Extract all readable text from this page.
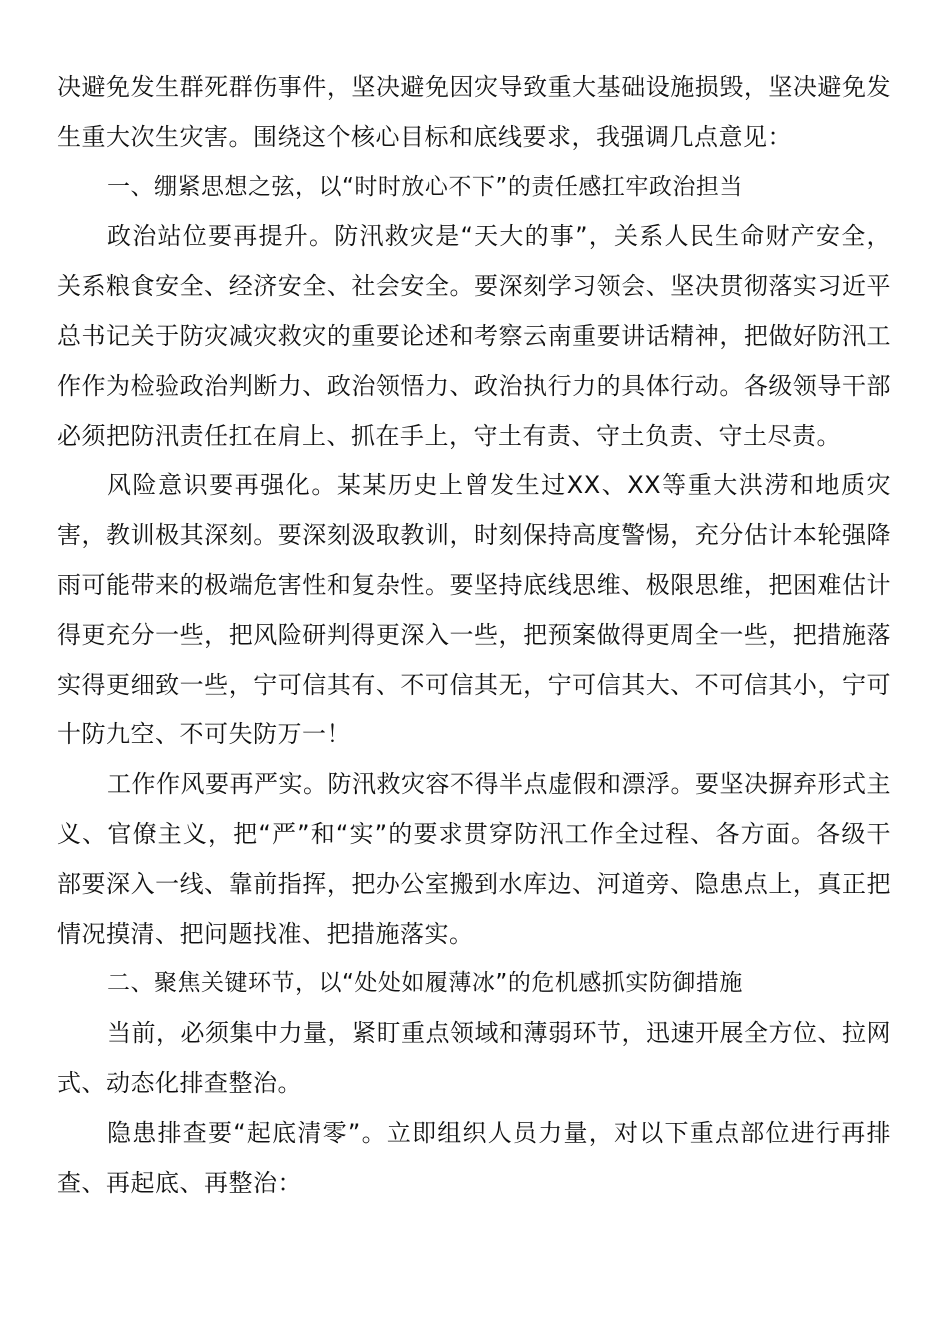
决避免发生群死群伤事件，坚决避免因灾导致重大基础设施损毁，坚决避免发生重大次生灾害。围绕这个核心目标和底线要求，我强调几点意见：

一、绷紧思想之弦，以“时时放心不下”的责任感扛牢政治担当

政治站位要再提升。防汛救灾是“天大的事”，关系人民生命财产安全，关系粮食安全、经济安全、社会安全。要深刻学习领会、坚决贯彻落实习近平总书记关于防灾减灾救灾的重要论述和考察云南重要讲话精神，把做好防汛工作作为检验政治判断力、政治领悟力、政治执行力的具体行动。各级领导干部必须把防汛责任扛在肩上、抓在手上，守土有责、守土负责、守土尽责。

风险意识要再强化。某某历史上曾发生过XX、XX等重大洪涝和地质灾害，教训极其深刻。要深刻汲取教训，时刻保持高度警惕，充分估计本轮强降雨可能带来的极端危害性和复杂性。要坚持底线思维、极限思维，把困难估计得更充分一些，把风险研判得更深入一些，把预案做得更周全一些，把措施落实得更细致一些，宁可信其有、不可信其无，宁可信其大、不可信其小，宁可十防九空、不可失防万一！

工作作风要再严实。防汛救灾容不得半点虚假和漂浮。要坚决摒弃形式主义、官僚主义，把“严”和“实”的要求贯穿防汛工作全过程、各方面。各级干部要深入一线、靠前指挥，把办公室搬到水库边、河道旁、隐患点上，真正把情况摸清、把问题找准、把措施落实。

二、聚焦关键环节，以“处处如履薄冰”的危机感抓实防御措施

当前，必须集中力量，紧盯重点领域和薄弱环节，迅速开展全方位、拉网式、动态化排查整治。

隐患排查要“起底清零”。立即组织人员力量，对以下重点部位进行再排查、再起底、再整治：
